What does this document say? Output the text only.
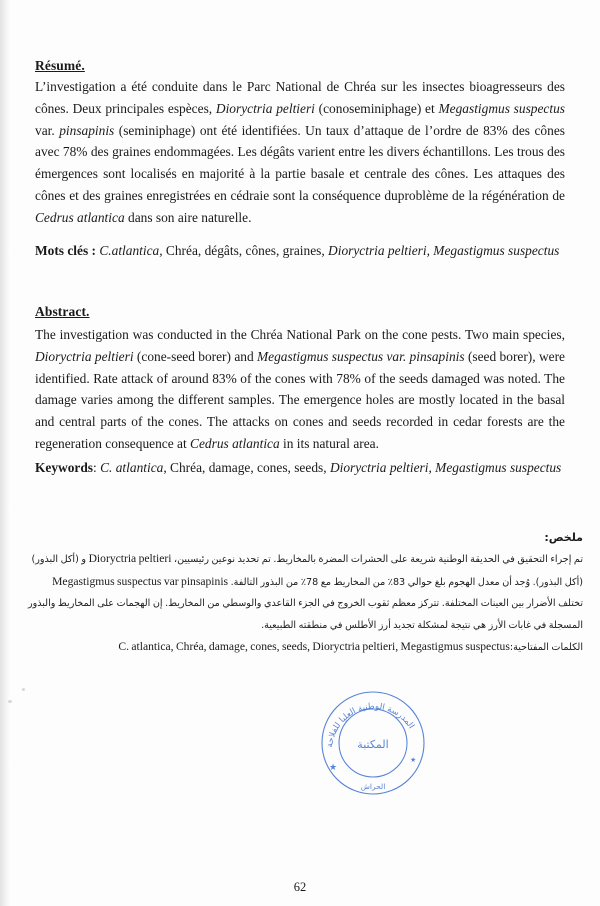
Résumé.

L’investigation a été conduite dans le Parc National de Chréa sur les insectes bioagresseurs des cônes. Deux principales espèces, Dioryctria peltieri (conoseminiphage) et Megastigmus suspectus var. pinsapinis (seminiphage) ont été identifiées. Un taux d’attaque de l’ordre de 83% des cônes avec 78% des graines endommagées. Les dégâts varient entre les divers échantillons. Les trous des émergences sont localisés en majorité à la partie basale et centrale des cônes. Les attaques des cônes et des graines enregistrées en cédraie sont la conséquence duproblème de la régénération de Cedrus atlantica dans son aire naturelle.

Mots clés : C.atlantica, Chréa, dégâts, cônes, graines, Dioryctria peltieri, Megastigmus suspectus

Abstract.

The investigation was conducted in the Chréa National Park on the cone pests. Two main species, Dioryctria peltieri (cone-seed borer) and Megastigmus suspectus var. pinsapinis (seed borer), were identified. Rate attack of around 83% of the cones with 78% of the seeds damaged was noted. The damage varies among the different samples. The emergence holes are mostly located in the basal and central parts of the cones. The attacks on cones and seeds recorded in cedar forests are the regeneration consequence at Cedrus atlantica in its natural area.

Keywords: C. atlantica, Chréa, damage, cones, seeds, Dioryctria peltieri, Megastigmus suspectus

ملخص:
تم إجراء التحقيق في الحديقة الوطنية شريعة على الحشرات المضرة بالمخاريط. تم تحديد نوعين رئيسيين، Dioryctria peltieri و (أكل البذور)
(أكل البذور). وُجد أن معدل الهجوم بلغ حوالي 83٪ من المخاريط مع 78٪ من البذور التالفة. Megastigmus suspectus var pinsapinis
تختلف الأضرار بين العينات المختلفة. تتركز معظم ثقوب الخروج في الجزء القاعدي والوسطي من المخاريط. إن الهجمات على المخاريط والبذور
المسجلة في غابات الأرز هي نتيجة لمشكلة تجديد أرز الأطلس في منطقته الطبيعية.
الكلمات المفتاحية:C. atlantica, Chréa, damage, cones, seeds, Dioryctria peltieri, Megastigmus suspectus
المدرسة الوطنية العليا للفلاحة
المكتبة
الحراش
★
★
62
